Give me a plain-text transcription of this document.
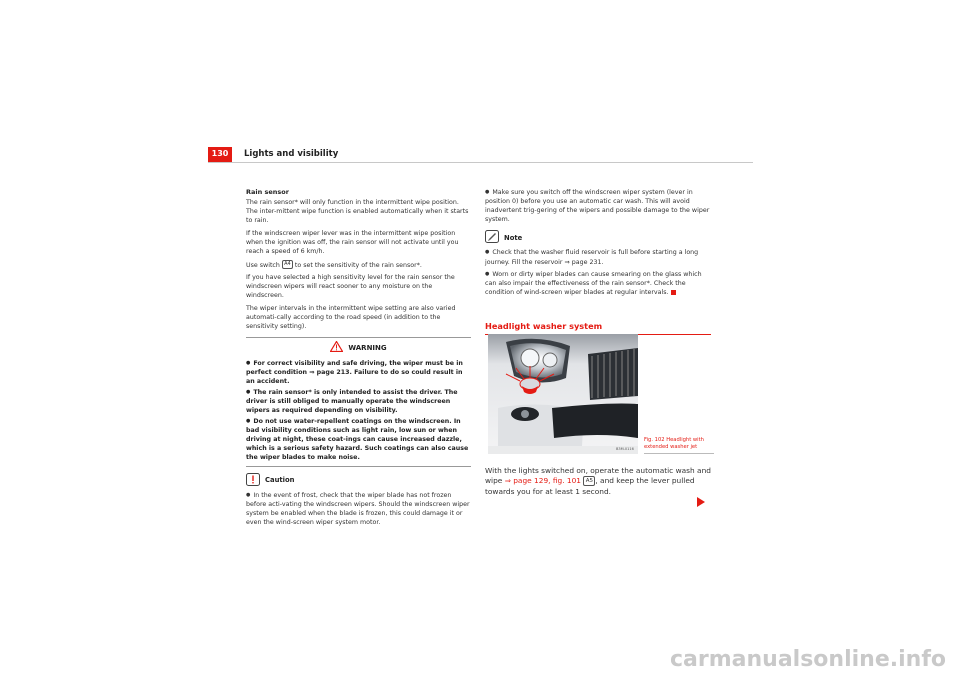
130	Lights and visibility
Rain sensor

The rain sensor* will only function in the intermittent wipe position. The inter-mittent wipe function is enabled automatically when it starts to rain.

If the windscreen wiper lever was in the intermittent wipe position when the ignition was off, the rain sensor will not activate until you reach a speed of 6 km/h.

Use switch A4 to set the sensitivity of the rain sensor*.

If you have selected a high sensitivity level for the rain sensor the windscreen wipers will react sooner to any moisture on the windscreen.

The wiper intervals in the intermittent wipe setting are also varied automati-cally according to the road speed (in addition to the sensitivity setting).

WARNING

● For correct visibility and safe driving, the wiper must be in perfect condition ⇒ page 213. Failure to do so could result in an accident.

● The rain sensor* is only intended to assist the driver. The driver is still obliged to manually operate the windscreen wipers as required depending on visibility.

● Do not use water-repellent coatings on the windscreen. In bad visibility conditions such as light rain, low sun or when driving at night, these coat-ings can cause increased dazzle, which is a serious safety hazard. Such coatings can also cause the wiper blades to make noise.

Caution

● In the event of frost, check that the wiper blade has not frozen before acti-vating the windscreen wipers. Should the windscreen wiper system be enabled when the blade is frozen, this could damage it or even the wind-screen wiper system motor.

● Make sure you switch off the windscreen wiper system (lever in position 0) before you use an automatic car wash. This will avoid inadvertent trig-gering of the wipers and possible damage to the wiper system.

Note

● Check that the washer fluid reservoir is full before starting a long journey. Fill the reservoir ⇒ page 231.

● Worn or dirty wiper blades can cause smearing on the glass which can also impair the effectiveness of the rain sensor*. Check the condition of wind-screen wiper blades at regular intervals.

Headlight washer system
B3M-0116
Fig. 102 Headlight with extended washer jet
With the lights switched on, operate the automatic wash and wipe ⇒ page 129, fig. 101 A5 , and keep the lever pulled towards you for at least 1 second.
carmanualsonline.info
